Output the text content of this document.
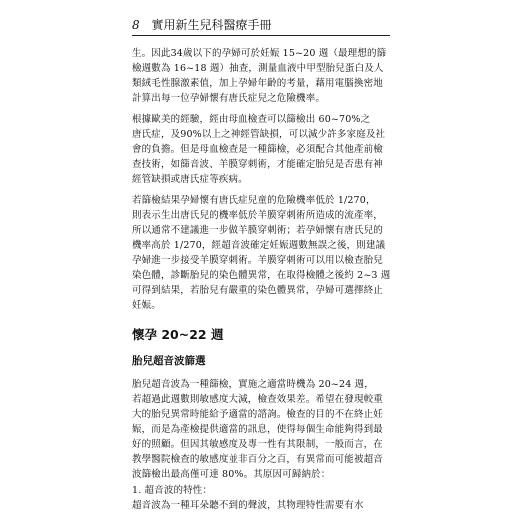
8 實用新生兒科醫療手冊
生。因此34歲以下的孕婦可於妊娠 15~20 週（最理想的篩
檢週數為 16~18 週）抽查，測量血液中甲型胎兒蛋白及人
類絨毛性腺激素值，加上孕婦年齡的考量，藉用電腦換密地
計算出每一位孕婦懷有唐氏症兒之危險機率。
根據歐美的經驗，經由母血檢查可以篩檢出 60~70%之
唐氏症，及90%以上之神經管缺損，可以減少許多家庭及社
會的負擔。但是母血檢查是一種篩檢，必須配合其他產前檢
查技術，如篩音波、羊膜穿刺術，才能確定胎兒是否患有神
經管缺損或唐氏症等疾病。
若篩檢結果孕婦懷有唐氏症兒童的危險機率低於 1/270，
則表示生出唐氏兒的機率低於羊膜穿刺術所造成的流產率，
所以通常不建議進一步做羊膜穿刺術；若孕婦懷有唐氏兒的
機率高於 1/270，經超音波確定妊娠週數無誤之後，則建議
孕婦進一步接受羊膜穿刺術。羊膜穿刺術可以用以檢查胎兒
染色體，診斷胎兒的染色體異常，在取得檢體之後約 2~3 週
可得到結果，若胎兒有嚴重的染色體異常，孕婦可選擇終止
妊娠。
懷孕 20~22 週
胎兒超音波篩選
胎兒超音波為一種篩檢，實施之適當時機為 20~24 週，
若超過此週數則敏感度大減，檢查效果差。希望在發現較重
大的胎兒異常時能給予適當的諮詢。檢查的目的不在終止妊
娠，而是為產檢提供適當的訊息，使得每個生命能夠得到最
好的照顧。但因其敏感度及專一性有其限制，一般而言，在
教學醫院檢查的敏感度並非百分之百，有異常而可能被超音
波篩檢出最高僅可達 80%。其原因可歸納於：
1. 超音波的特性：
超音波為一種耳朵聽不到的聲波，其物理特性需要有水
